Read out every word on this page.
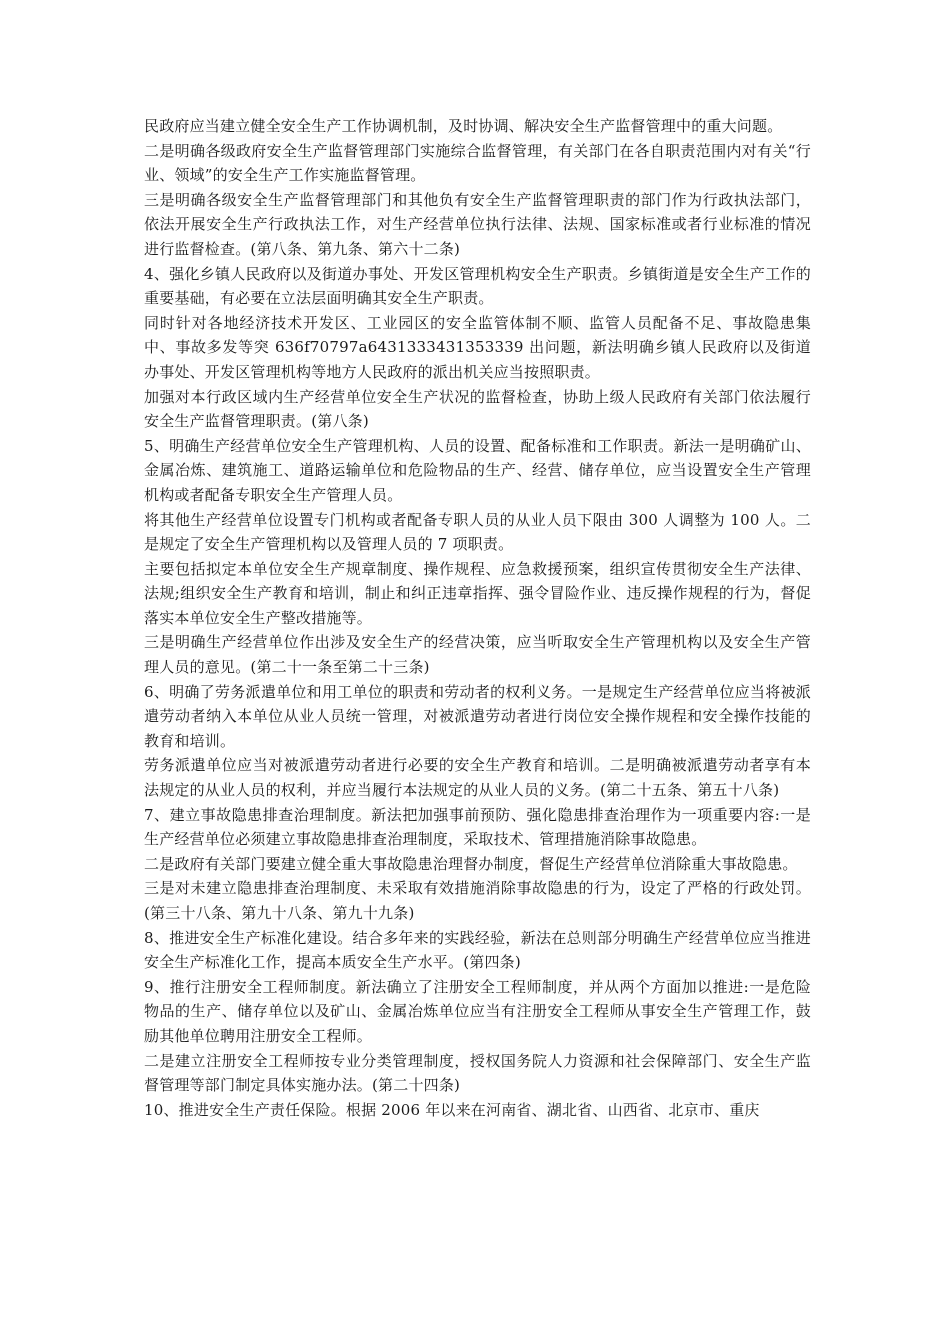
民政府应当建立健全安全生产工作协调机制，及时协调、解决安全生产监督管理中的重大问题。

二是明确各级政府安全生产监督管理部门实施综合监督管理，有关部门在各自职责范围内对有关“行业、领域”的安全生产工作实施监督管理。

三是明确各级安全生产监督管理部门和其他负有安全生产监督管理职责的部门作为行政执法部门，依法开展安全生产行政执法工作，对生产经营单位执行法律、法规、国家标准或者行业标准的情况进行监督检查。(第八条、第九条、第六十二条)

4、强化乡镇人民政府以及街道办事处、开发区管理机构安全生产职责。乡镇街道是安全生产工作的重要基础，有必要在立法层面明确其安全生产职责。

同时针对各地经济技术开发区、工业园区的安全监管体制不顺、监管人员配备不足、事故隐患集中、事故多发等突 636f70797a6431333431353339 出问题，新法明确乡镇人民政府以及街道办事处、开发区管理机构等地方人民政府的派出机关应当按照职责。

加强对本行政区域内生产经营单位安全生产状况的监督检查，协助上级人民政府有关部门依法履行安全生产监督管理职责。(第八条)

5、明确生产经营单位安全生产管理机构、人员的设置、配备标准和工作职责。新法一是明确矿山、金属冶炼、建筑施工、道路运输单位和危险物品的生产、经营、储存单位，应当设置安全生产管理机构或者配备专职安全生产管理人员。

将其他生产经营单位设置专门机构或者配备专职人员的从业人员下限由 300 人调整为 100 人。二是规定了安全生产管理机构以及管理人员的 7 项职责。

主要包括拟定本单位安全生产规章制度、操作规程、应急救援预案，组织宣传贯彻安全生产法律、法规;组织安全生产教育和培训，制止和纠正违章指挥、强令冒险作业、违反操作规程的行为，督促落实本单位安全生产整改措施等。

三是明确生产经营单位作出涉及安全生产的经营决策，应当听取安全生产管理机构以及安全生产管理人员的意见。(第二十一条至第二十三条)

6、明确了劳务派遣单位和用工单位的职责和劳动者的权利义务。一是规定生产经营单位应当将被派遣劳动者纳入本单位从业人员统一管理，对被派遣劳动者进行岗位安全操作规程和安全操作技能的教育和培训。

劳务派遣单位应当对被派遣劳动者进行必要的安全生产教育和培训。二是明确被派遣劳动者享有本法规定的从业人员的权利，并应当履行本法规定的从业人员的义务。(第二十五条、第五十八条)

7、建立事故隐患排查治理制度。新法把加强事前预防、强化隐患排查治理作为一项重要内容:一是生产经营单位必须建立事故隐患排查治理制度，采取技术、管理措施消除事故隐患。

二是政府有关部门要建立健全重大事故隐患治理督办制度，督促生产经营单位消除重大事故隐患。

三是对未建立隐患排查治理制度、未采取有效措施消除事故隐患的行为，设定了严格的行政处罚。(第三十八条、第九十八条、第九十九条)

8、推进安全生产标准化建设。结合多年来的实践经验，新法在总则部分明确生产经营单位应当推进安全生产标准化工作，提高本质安全生产水平。(第四条)

9、推行注册安全工程师制度。新法确立了注册安全工程师制度，并从两个方面加以推进:一是危险物品的生产、储存单位以及矿山、金属冶炼单位应当有注册安全工程师从事安全生产管理工作，鼓励其他单位聘用注册安全工程师。

二是建立注册安全工程师按专业分类管理制度，授权国务院人力资源和社会保障部门、安全生产监督管理等部门制定具体实施办法。(第二十四条)

10、推进安全生产责任保险。根据 2006 年以来在河南省、湖北省、山西省、北京市、重庆
